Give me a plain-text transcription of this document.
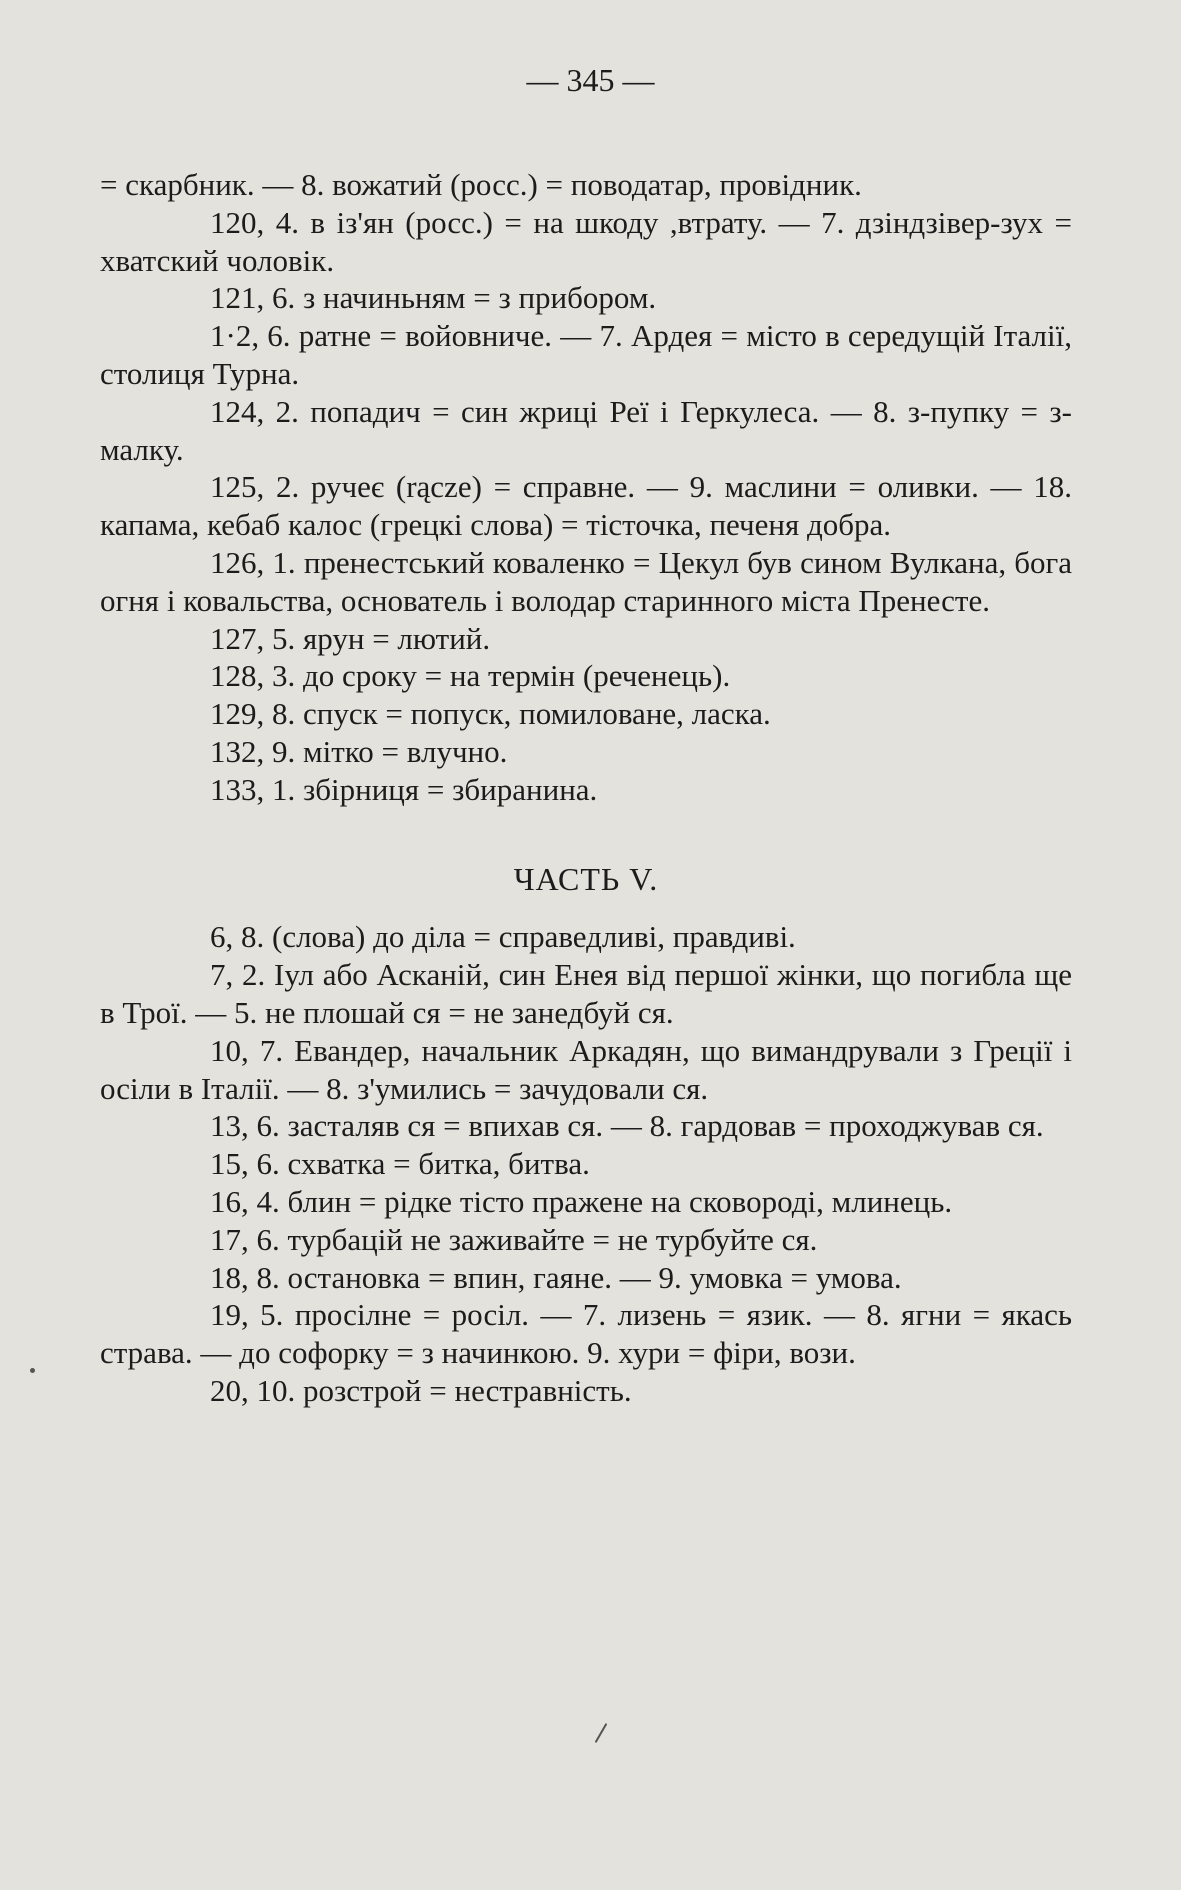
— 345 —

= скарбник. — 8. вожатий (росс.) = поводатар, провідник.

120, 4. в із'ян (росс.) = на шкоду ,втрату. — 7. дзіндзівер-зух = хватский чоловік.

121, 6. з начиньням = з прибором.

1·2, 6. ратне = войовниче. — 7. Ардея = місто в середущій Італії, столиця Турна.

124, 2. попадич = син жриці Реї і Геркулеса. — 8. з-пупку = з-малку.

125, 2. ручеє (rącze) = справне. — 9. маслини = оливки. — 18. капама, кебаб калос (грецкі слова) = тісточка, печеня добра.

126, 1. пренестський коваленко = Цекул був сином Вулкана, бога огня і ковальства, основатель і володар старинного міста Пренесте.

127, 5. ярун = лютий.

128, 3. до сроку = на термін (реченець).

129, 8. спуск = попуск, помиловане, ласка.

132, 9. мітко = влучно.

133, 1. збірниця = збиранина.

ЧАСТЬ V.

6, 8. (слова) до діла = справедливі, правдиві.

7, 2. Іул або Асканій, син Енея від першої жінки, що погибла ще в Трої. — 5. не плошай ся = не занедбуй ся.

10, 7. Евандер, начальник Аркадян, що вимандрували з Греції і осіли в Італії. — 8. з'умились = зачудовали ся.

13, 6. засталяв ся = впихав ся. — 8. гардовав = проходжував ся.

15, 6. схватка = битка, битва.

16, 4. блин = рідке тісто пражене на сковороді, млинець.

17, 6. турбацій не заживайте = не турбуйте ся.

18, 8. остановка = впин, гаяне. — 9. умовка = умова.

19, 5. просілне = росіл. — 7. лизень = язик. — 8. ягни = якась страва. — до софорку = з начинкою. 9. хури = фіри, вози.

20, 10. розстрой = нестравність.
